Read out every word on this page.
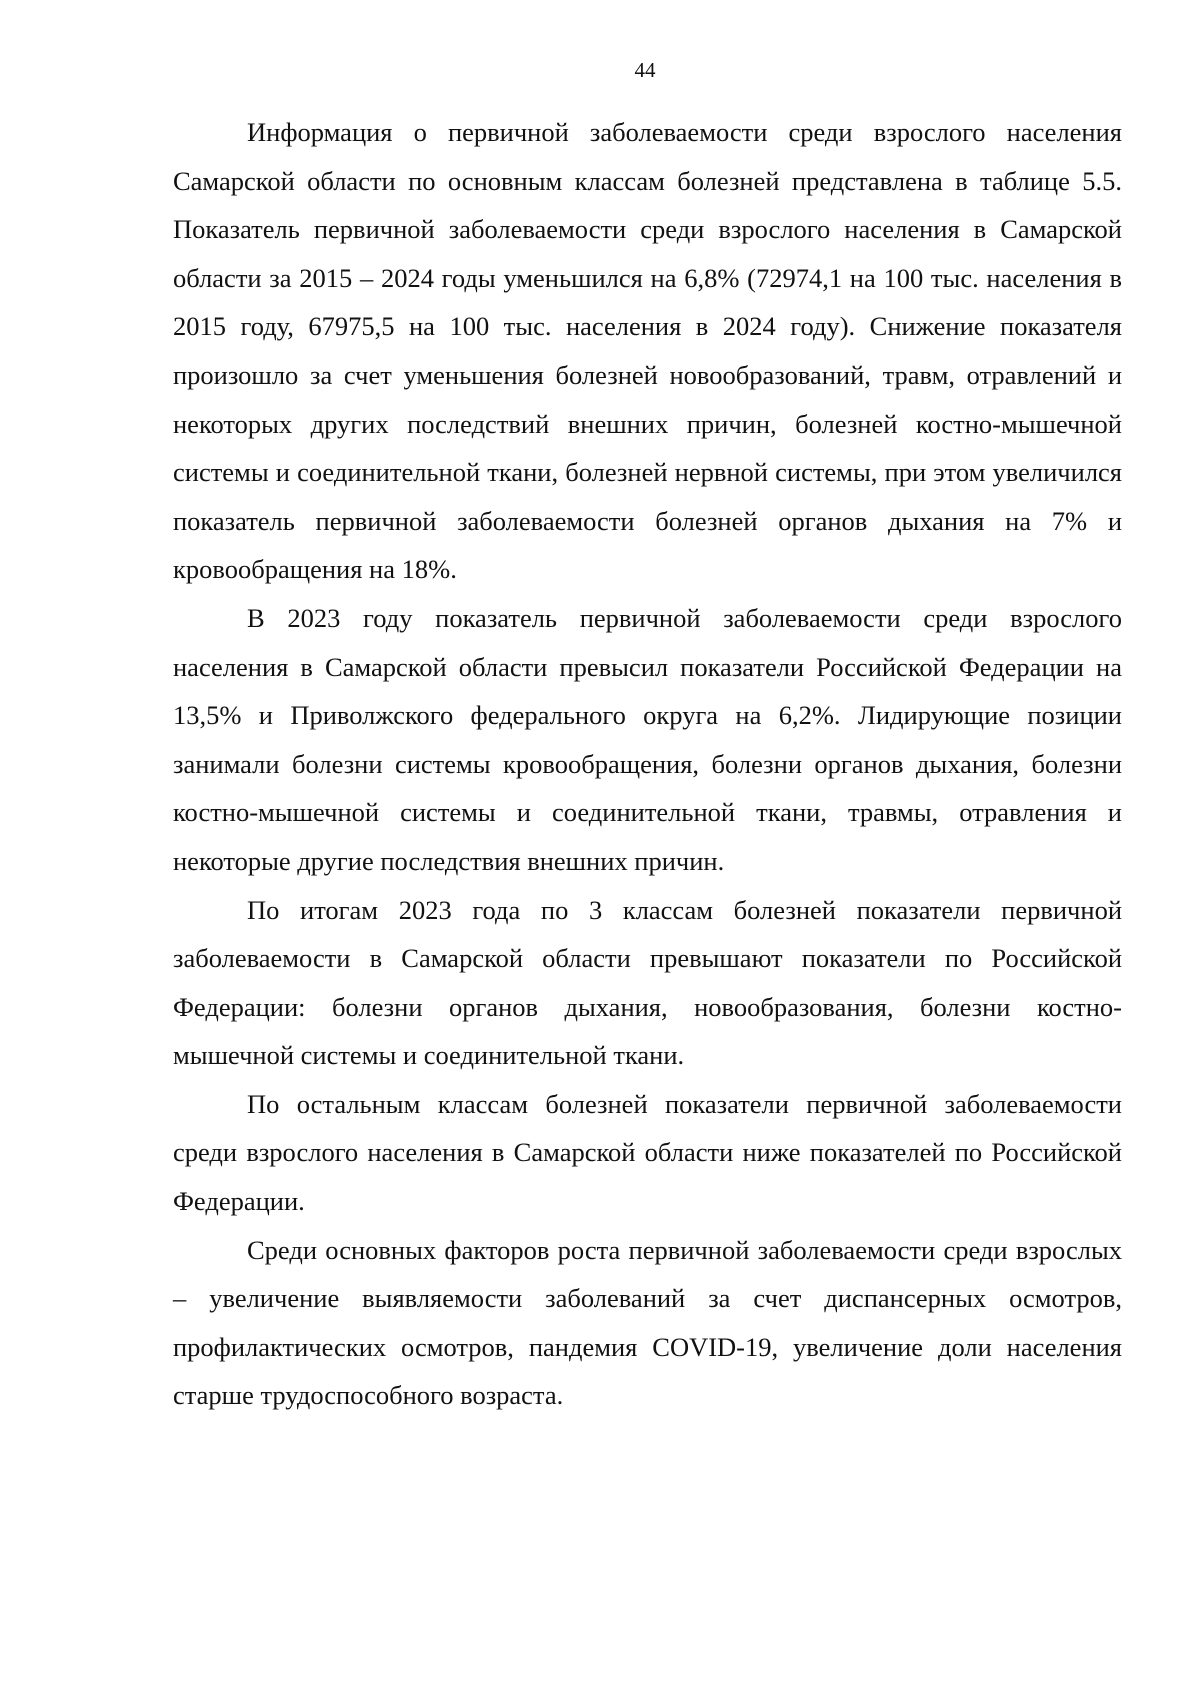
44

Информация о первичной заболеваемости среди взрослого населения Самарской области по основным классам болезней представлена в таблице 5.5. Показатель первичной заболеваемости среди взрослого населения в Самарской области за 2015 – 2024 годы уменьшился на 6,8% (72974,1 на 100 тыс. населения в 2015 году, 67975,5 на 100 тыс. населения в 2024 году). Снижение показателя произошло за счет уменьшения болезней новообразований, травм, отравлений и некоторых других последствий внешних причин, болезней костно-мышечной системы и соединительной ткани, болезней нервной системы, при этом увеличился показатель первичной заболеваемости болезней органов дыхания на 7% и кровообращения на 18%.

В 2023 году показатель первичной заболеваемости среди взрослого населения в Самарской области превысил показатели Российской Федерации на 13,5% и Приволжского федерального округа на 6,2%. Лидирующие позиции занимали болезни системы кровообращения, болезни органов дыхания, болезни костно-мышечной системы и соединительной ткани, травмы, отравления и некоторые другие последствия внешних причин.

По итогам 2023 года по 3 классам болезней показатели первичной заболеваемости в Самарской области превышают показатели по Российской Федерации: болезни органов дыхания, новообразования, болезни костно-мышечной системы и соединительной ткани.

По остальным классам болезней показатели первичной заболеваемости среди взрослого населения в Самарской области ниже показателей по Российской Федерации.

Среди основных факторов роста первичной заболеваемости среди взрослых – увеличение выявляемости заболеваний за счет диспансерных осмотров, профилактических осмотров, пандемия COVID-19, увеличение доли населения старше трудоспособного возраста.
